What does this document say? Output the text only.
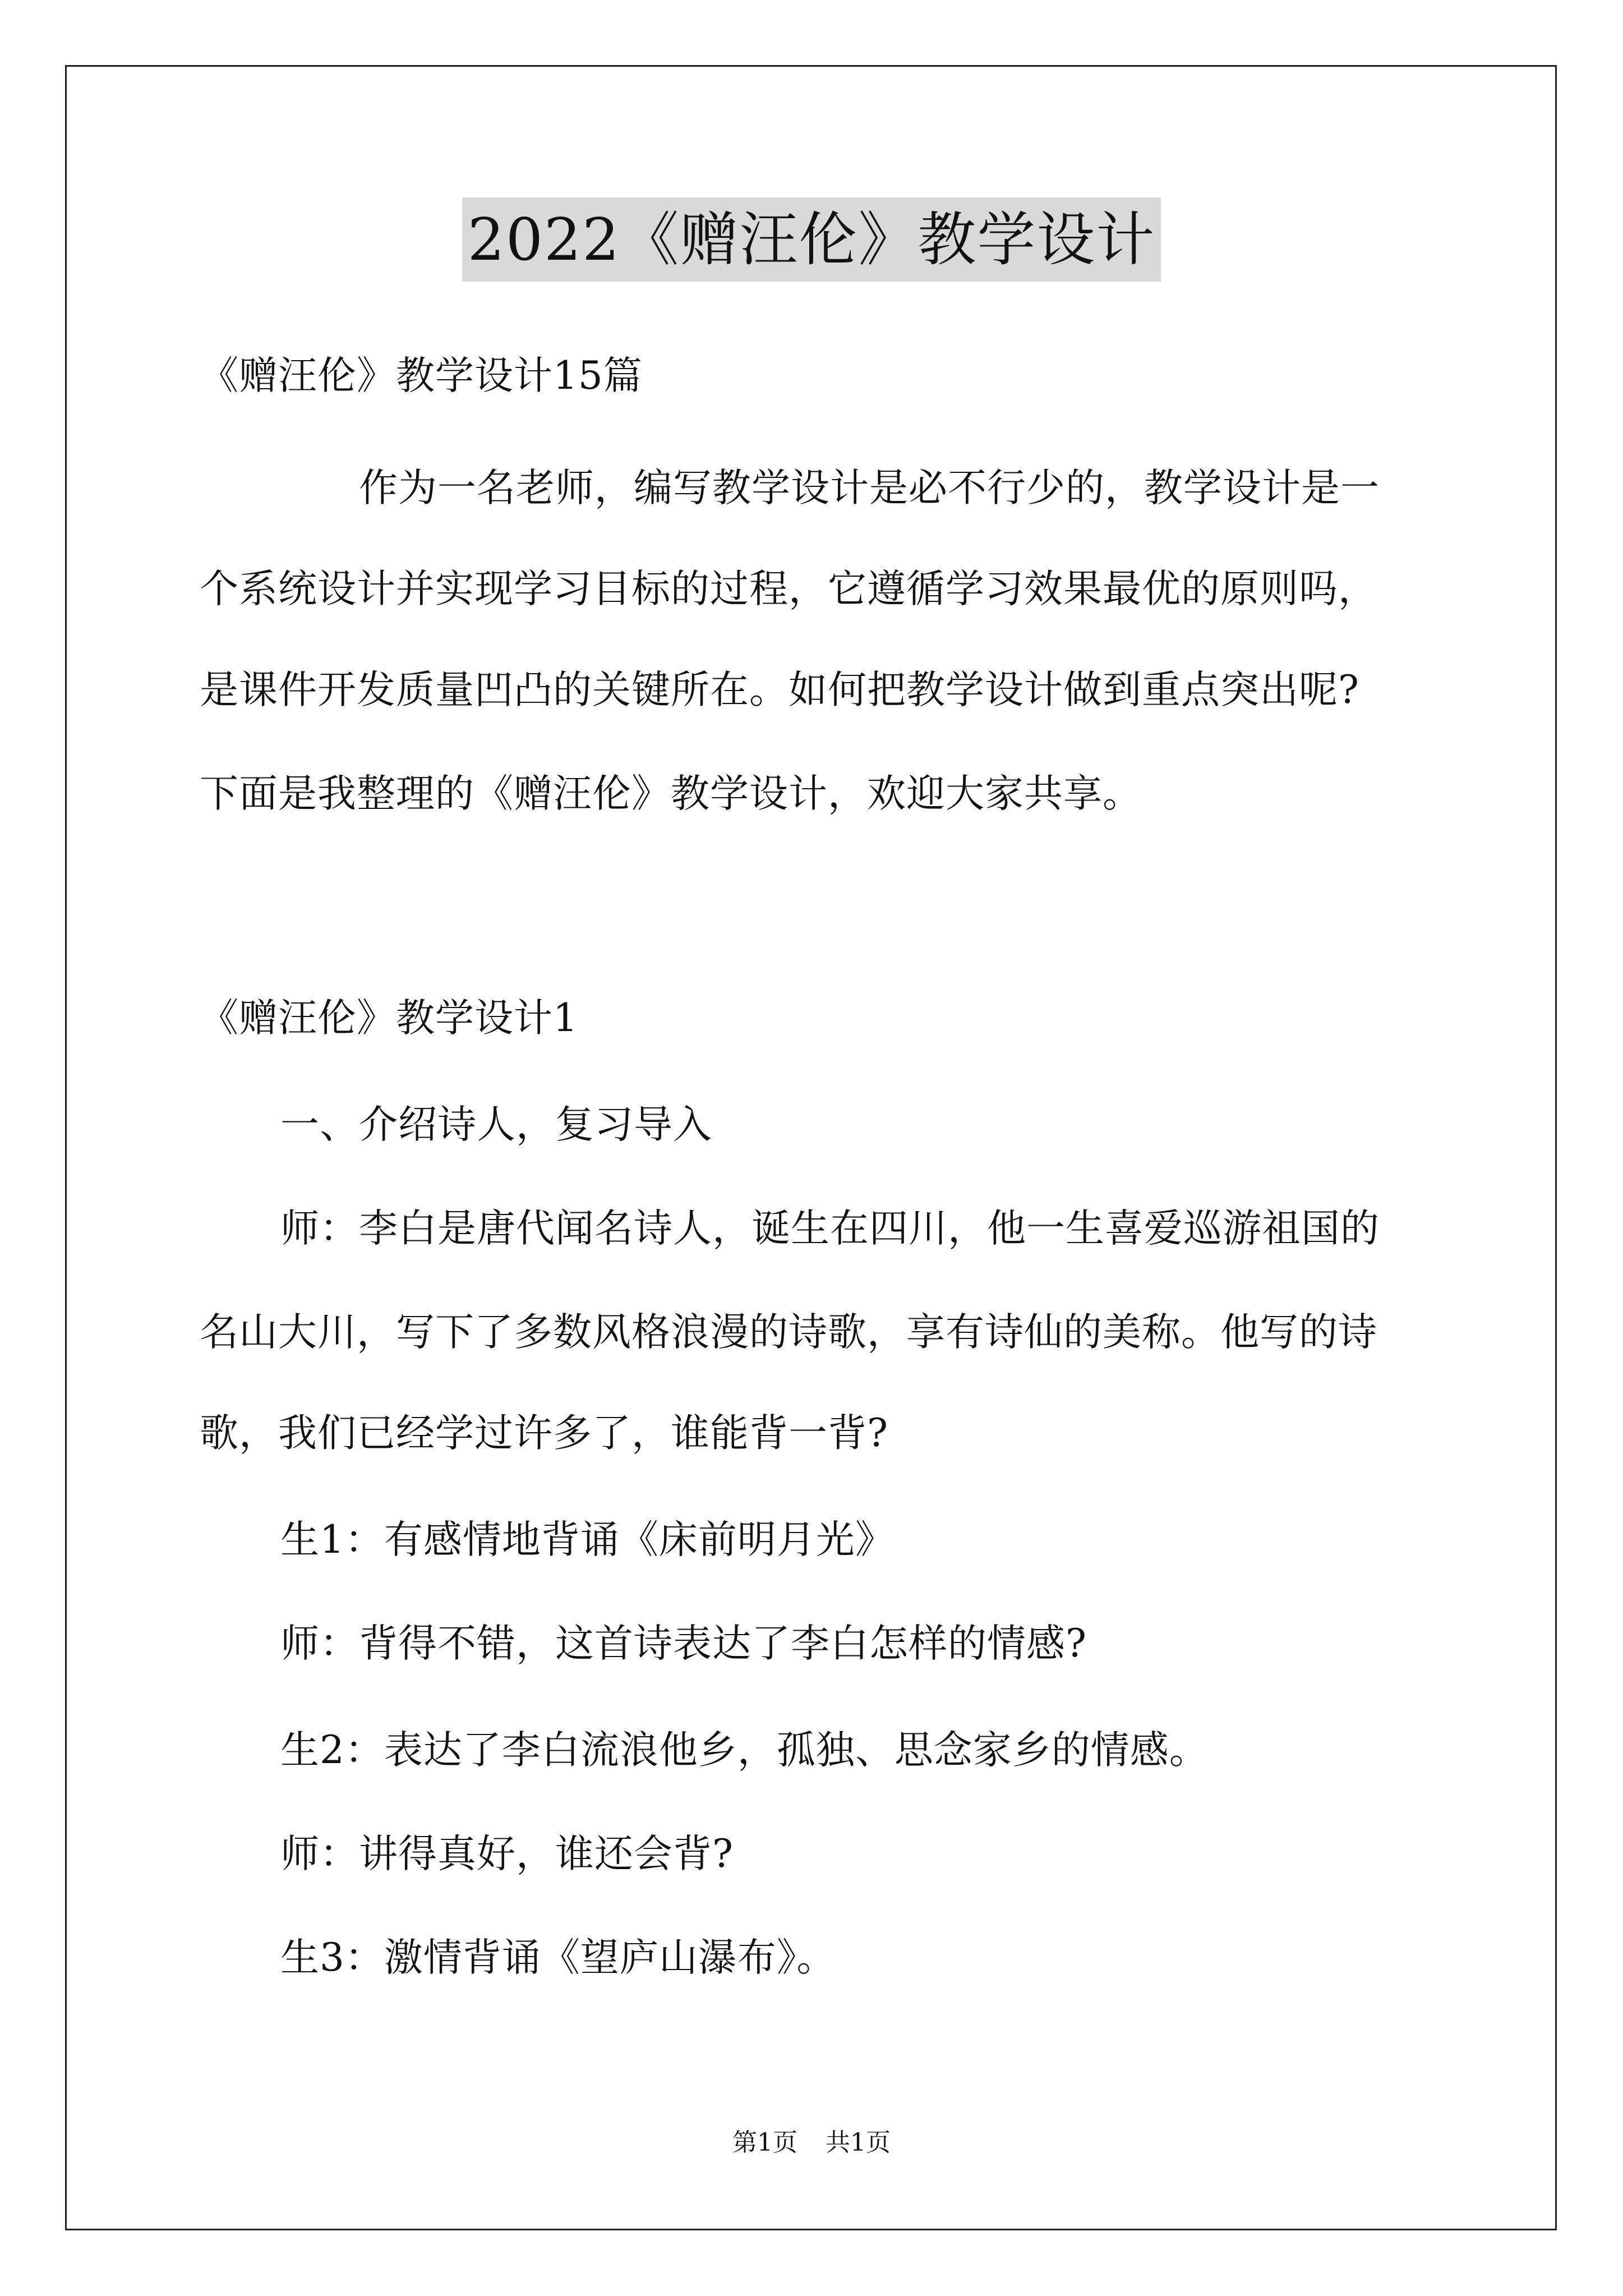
2022《赠汪伦》教学设计
《赠汪伦》教学设计15篇
作为一名老师，编写教学设计是必不行少的，教学设计是一
个系统设计并实现学习目标的过程，它遵循学习效果最优的原则吗，
是课件开发质量凹凸的关键所在。如何把教学设计做到重点突出呢?
下面是我整理的《赠汪伦》教学设计，欢迎大家共享。
《赠汪伦》教学设计1
一、介绍诗人，复习导入
师：李白是唐代闻名诗人，诞生在四川，他一生喜爱巡游祖国的
名山大川，写下了多数风格浪漫的诗歌，享有诗仙的美称。他写的诗
歌，我们已经学过许多了，谁能背一背?
生1：有感情地背诵《床前明月光》
师：背得不错，这首诗表达了李白怎样的情感?
生2：表达了李白流浪他乡，孤独、思念家乡的情感。
师：讲得真好，谁还会背?
生3：激情背诵《望庐山瀑布》。
第1页 共1页
